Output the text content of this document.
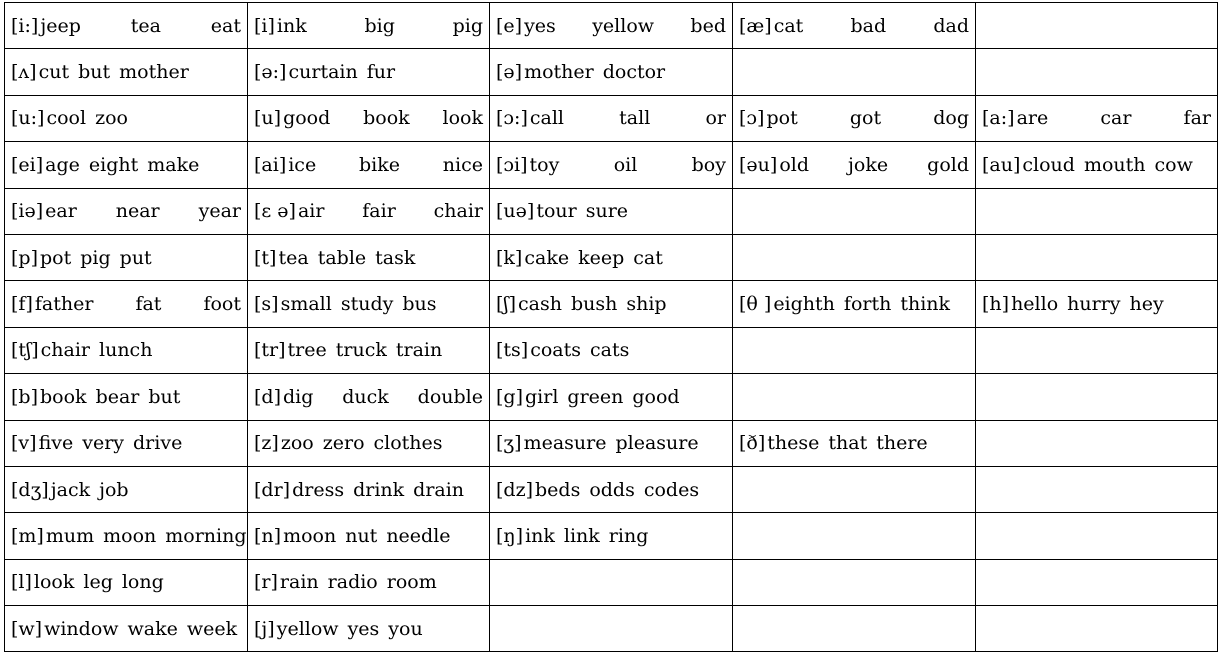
[i:] jeep tea eat	[i] ink big pig	[e] yes yellow bed	[æ] cat bad dad	

[ʌ] cut but mother	[ə:] curtain fur	[ə] mother doctor		

[u:] cool zoo	[u] good book look	[ɔ:] call tall or	[ɔ] pot got dog	[a:] are car far

[ei] age eight make	[ai] ice bike nice	[ɔi] toy oil boy	[əu] old joke gold	[au] cloud mouth cow

[iə] ear near year	[ɛ ə] air fair chair	[uə] tour sure		

[p] pot pig put	[t] tea table task	[k] cake keep cat		

[f] father fat foot	[s] small study bus	[ʃ] cash bush ship	[θ ] eighth forth think	[h] hello hurry hey

[tʃ] chair lunch	[tr] tree truck train	[ts] coats cats		

[b] book bear but	[d] dig duck double	[g] girl green good		

[v] five very drive	[z] zoo zero clothes	[ʒ] measure pleasure	[ð] these that there	

[dʒ] jack job	[dr] dress drink drain	[dz] beds odds codes		

[m] mum moon morning	[n] moon nut needle	[ŋ] ink link ring		

[l] look leg long	[r] rain radio room			

[w] window wake week	[j] yellow yes you			
